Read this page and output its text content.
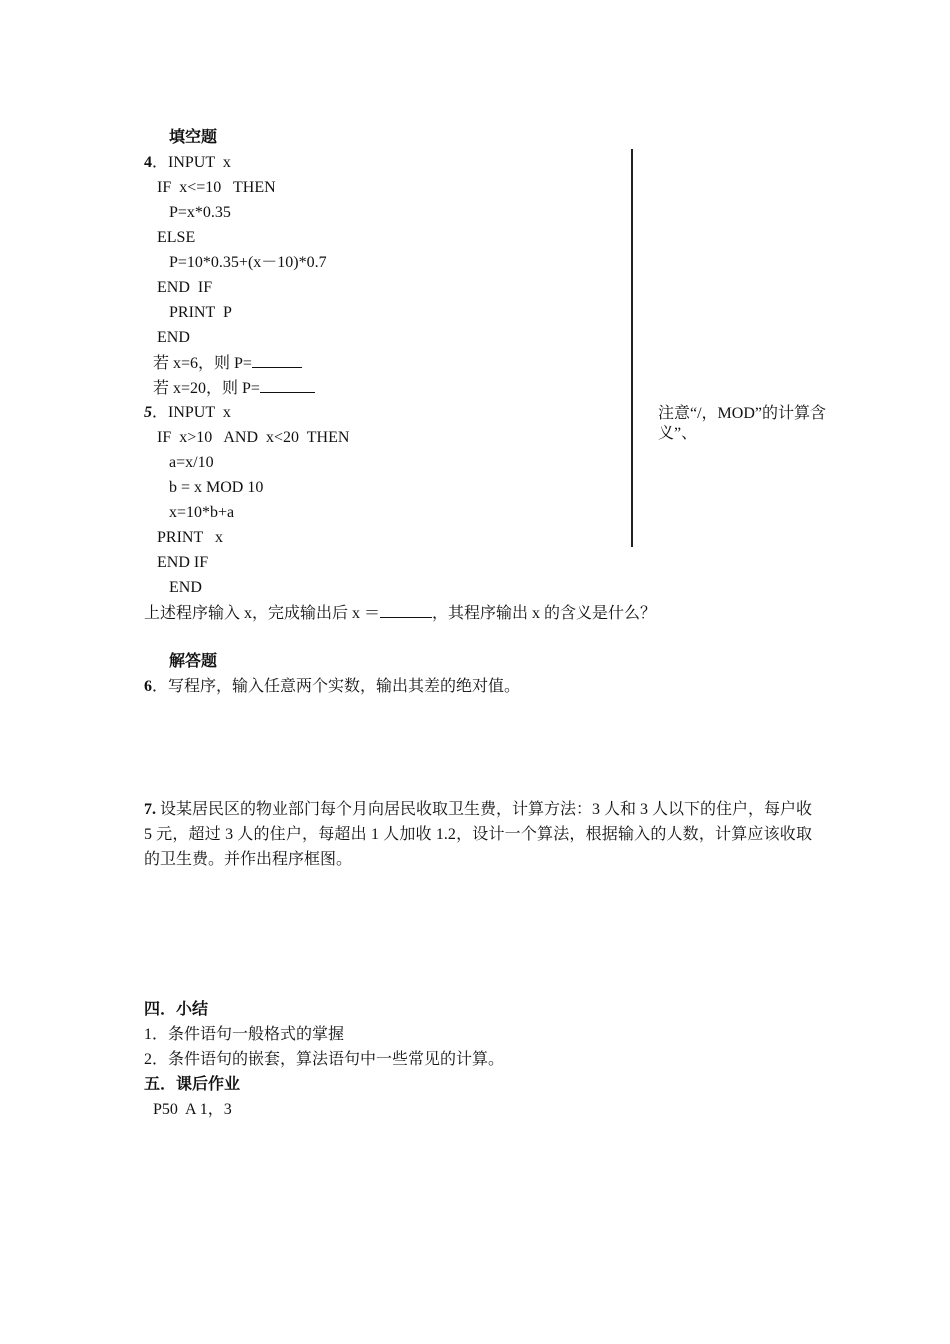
填空题
4．INPUT  x
IF  x<=10   THEN
P=x*0.35
ELSE
P=10*0.35+(x－10)*0.7
END  IF
PRINT  P
END
若 x=6，则 P=
若 x=20，则 P=
5．INPUT  x
IF  x>10   AND  x<20  THEN
a=x/10
b = x MOD 10
x=10*b+a
PRINT   x
END IF
END
上述程序输入 x，完成输出后 x ＝	，其程序输出 x 的含义是什么？
注意“/，MOD”的计算含义”、
解答题
6．写程序，输入任意两个实数，输出其差的绝对值。
7. 设某居民区的物业部门每个月向居民收取卫生费，计算方法：3 人和 3 人以下的住户，每户收 5 元，超过 3 人的住户，每超出 1 人加收 1.2，设计一个算法，根据输入的人数，计算应该收取的卫生费。并作出程序框图。
四．小结
1．条件语句一般格式的掌握
2．条件语句的嵌套，算法语句中一些常见的计算。
五．课后作业
P50  A 1，3
